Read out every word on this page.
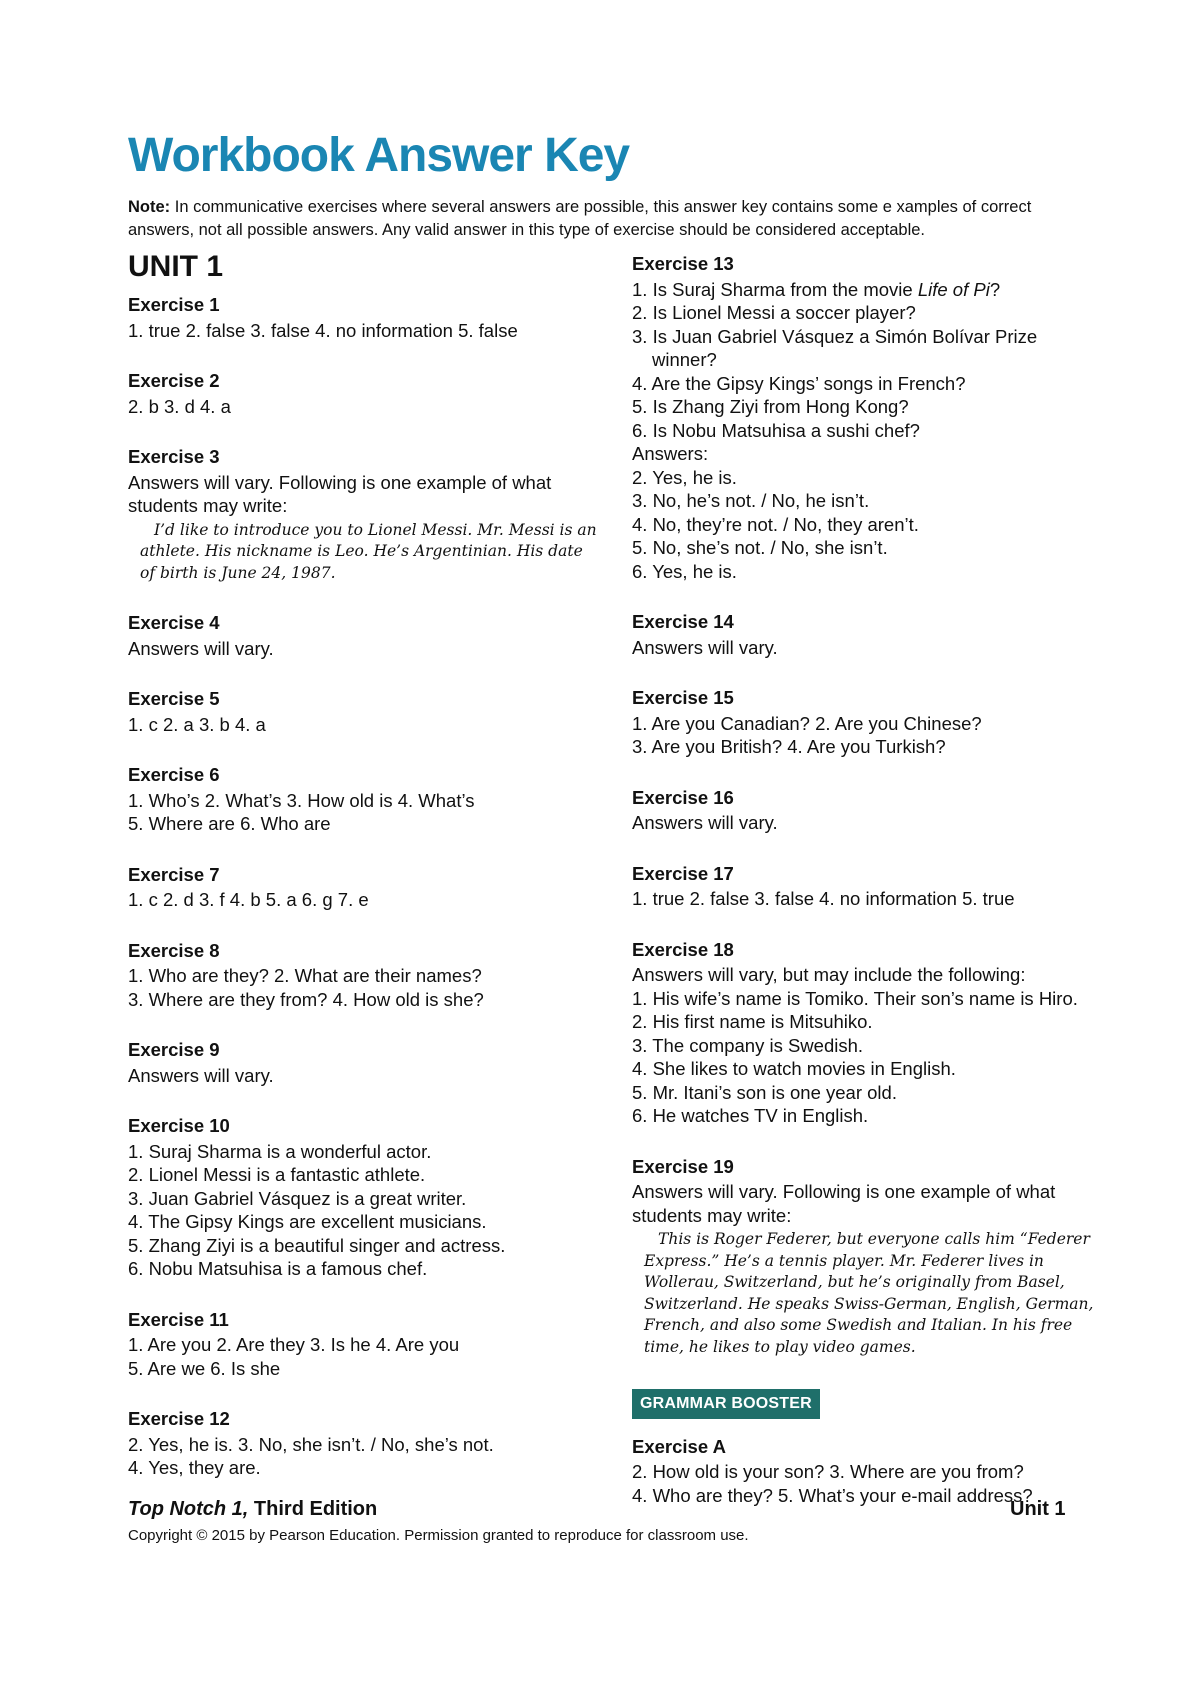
Workbook Answer Key
Note: In communicative exercises where several answers are possible, this answer key contains some e xamples of correct answers, not all possible answers. Any valid answer in this type of exercise should be considered acceptable.
UNIT 1
Exercise 1
1. true 2. false 3. false 4. no information 5. false
Exercise 2
2. b 3. d 4. a
Exercise 3
Answers will vary. Following is one example of what
students may write:
I’d like to introduce you to Lionel Messi. Mr. Messi is an athlete. His nickname is Leo. He’s Argentinian. His date of birth is June 24, 1987.
Exercise 4
Answers will vary.
Exercise 5
1. c 2. a 3. b 4. a
Exercise 6
1. Who’s 2. What’s 3. How old is 4. What’s
5. Where are 6. Who are
Exercise 7
1. c 2. d 3. f 4. b 5. a 6. g 7. e
Exercise 8
1. Who are they? 2. What are their names?
3. Where are they from? 4. How old is she?
Exercise 9
Answers will vary.
Exercise 10
1. Suraj Sharma is a wonderful actor.
2. Lionel Messi is a fantastic athlete.
3. Juan Gabriel Vásquez is a great writer.
4. The Gipsy Kings are excellent musicians.
5. Zhang Ziyi is a beautiful singer and actress.
6. Nobu Matsuhisa is a famous chef.
Exercise 11
1. Are you 2. Are they 3. Is he 4. Are you
5. Are we 6. Is she
Exercise 12
2. Yes, he is. 3. No, she isn’t. / No, she’s not.
4. Yes, they are.
Exercise 13
1. Is Suraj Sharma from the movie Life of Pi?
2. Is Lionel Messi a soccer player?
3. Is Juan Gabriel Vásquez a Simón Bolívar Prize
winner?
4. Are the Gipsy Kings’ songs in French?
5. Is Zhang Ziyi from Hong Kong?
6. Is Nobu Matsuhisa a sushi chef?
Answers:
2. Yes, he is.
3. No, he’s not. / No, he isn’t.
4. No, they’re not. / No, they aren’t.
5. No, she’s not. / No, she isn’t.
6. Yes, he is.
Exercise 14
Answers will vary.
Exercise 15
1. Are you Canadian? 2. Are you Chinese?
3. Are you British? 4. Are you Turkish?
Exercise 16
Answers will vary.
Exercise 17
1. true 2. false 3. false 4. no information 5. true
Exercise 18
Answers will vary, but may include the following:
1. His wife’s name is Tomiko. Their son’s name is Hiro.
2. His first name is Mitsuhiko.
3. The company is Swedish.
4. She likes to watch movies in English.
5. Mr. Itani’s son is one year old.
6. He watches TV in English.
Exercise 19
Answers will vary. Following is one example of what
students may write:
This is Roger Federer, but everyone calls him “Federer Express.” He’s a tennis player. Mr. Federer lives in Wollerau, Switzerland, but he’s originally from Basel, Switzerland. He speaks Swiss-German, English, German, French, and also some Swedish and Italian. In his free time, he likes to play video games.
GRAMMAR BOOSTER
Exercise A
2. How old is your son? 3. Where are you from?
4. Who are they? 5. What’s your e-mail address?
Top Notch 1, Third Edition	Unit 1
Copyright © 2015 by Pearson Education. Permission granted to reproduce for classroom use.
